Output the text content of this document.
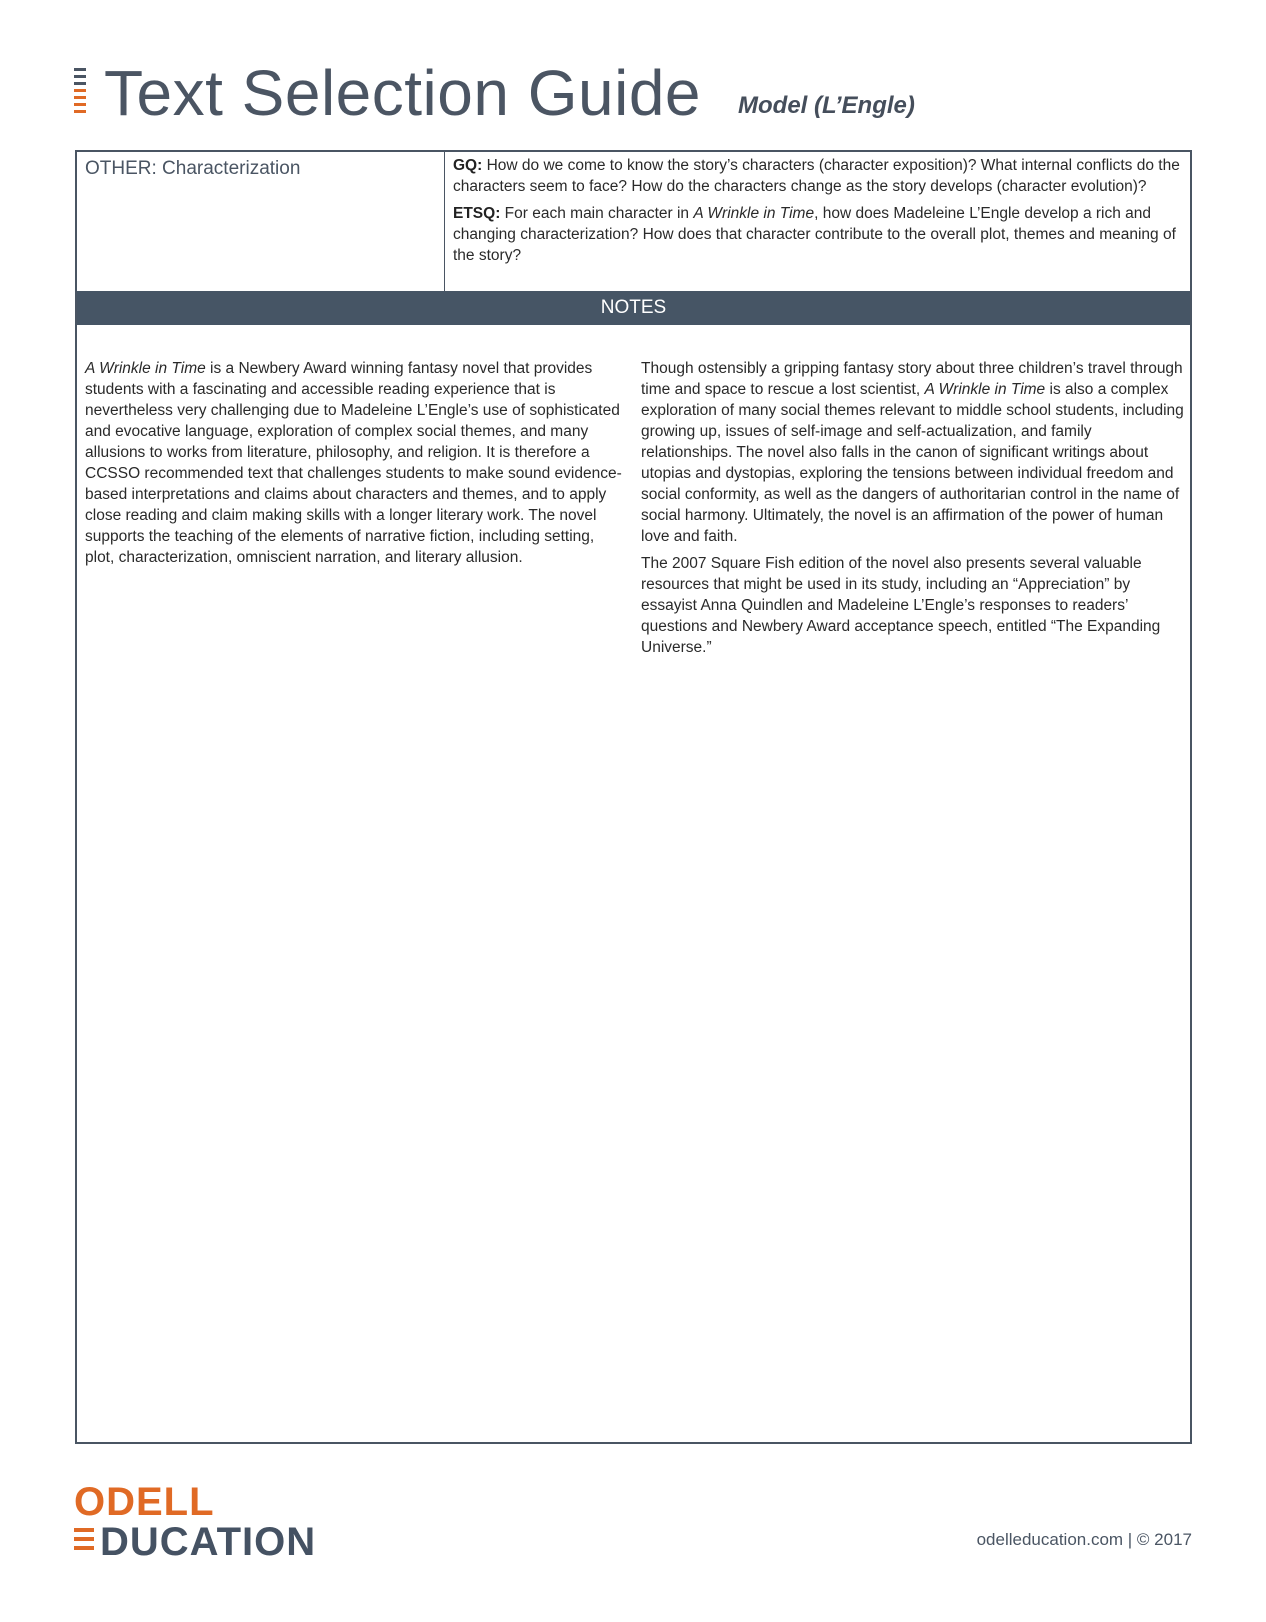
Text Selection Guide Model (L’Engle)
OTHER: Characterization	GQ: How do we come to know the story’s characters (character exposition)? What internal conflicts do the characters seem to face? How do the characters change as the story develops (character evolution)?

ETSQ: For each main character in A Wrinkle in Time, how does Madeleine L’Engle develop a rich and changing characterization? How does that character contribute to the overall plot, themes and meaning of the story?

NOTES

A Wrinkle in Time is a Newbery Award winning fantasy novel that provides students with a fascinating and accessible reading experience that is nevertheless very challenging due to Madeleine L’Engle’s use of sophisticated and evocative language, exploration of complex social themes, and many allusions to works from literature, philosophy, and religion. It is therefore a CCSSO recommended text that challenges students to make sound evidence-based interpretations and claims about characters and themes, and to apply close reading and claim making skills with a longer literary work. The novel supports the teaching of the elements of narrative fiction, including setting, plot, characterization, omniscient narration, and literary allusion.

Though ostensibly a gripping fantasy story about three children’s travel through time and space to rescue a lost scientist, A Wrinkle in Time is also a complex exploration of many social themes relevant to middle school students, including growing up, issues of self-image and self-actualization, and family relationships. The novel also falls in the canon of significant writings about utopias and dystopias, exploring the tensions between individual freedom and social conformity, as well as the dangers of authoritarian control in the name of social harmony. Ultimately, the novel is an affirmation of the power of human love and faith.

The 2007 Square Fish edition of the novel also presents several valuable resources that might be used in its study, including an “Appreciation” by essayist Anna Quindlen and Madeleine L’Engle’s responses to readers’ questions and Newbery Award acceptance speech, entitled “The Expanding Universe.”

ODELL
DUCATION	odelleducation.com | © 2017
